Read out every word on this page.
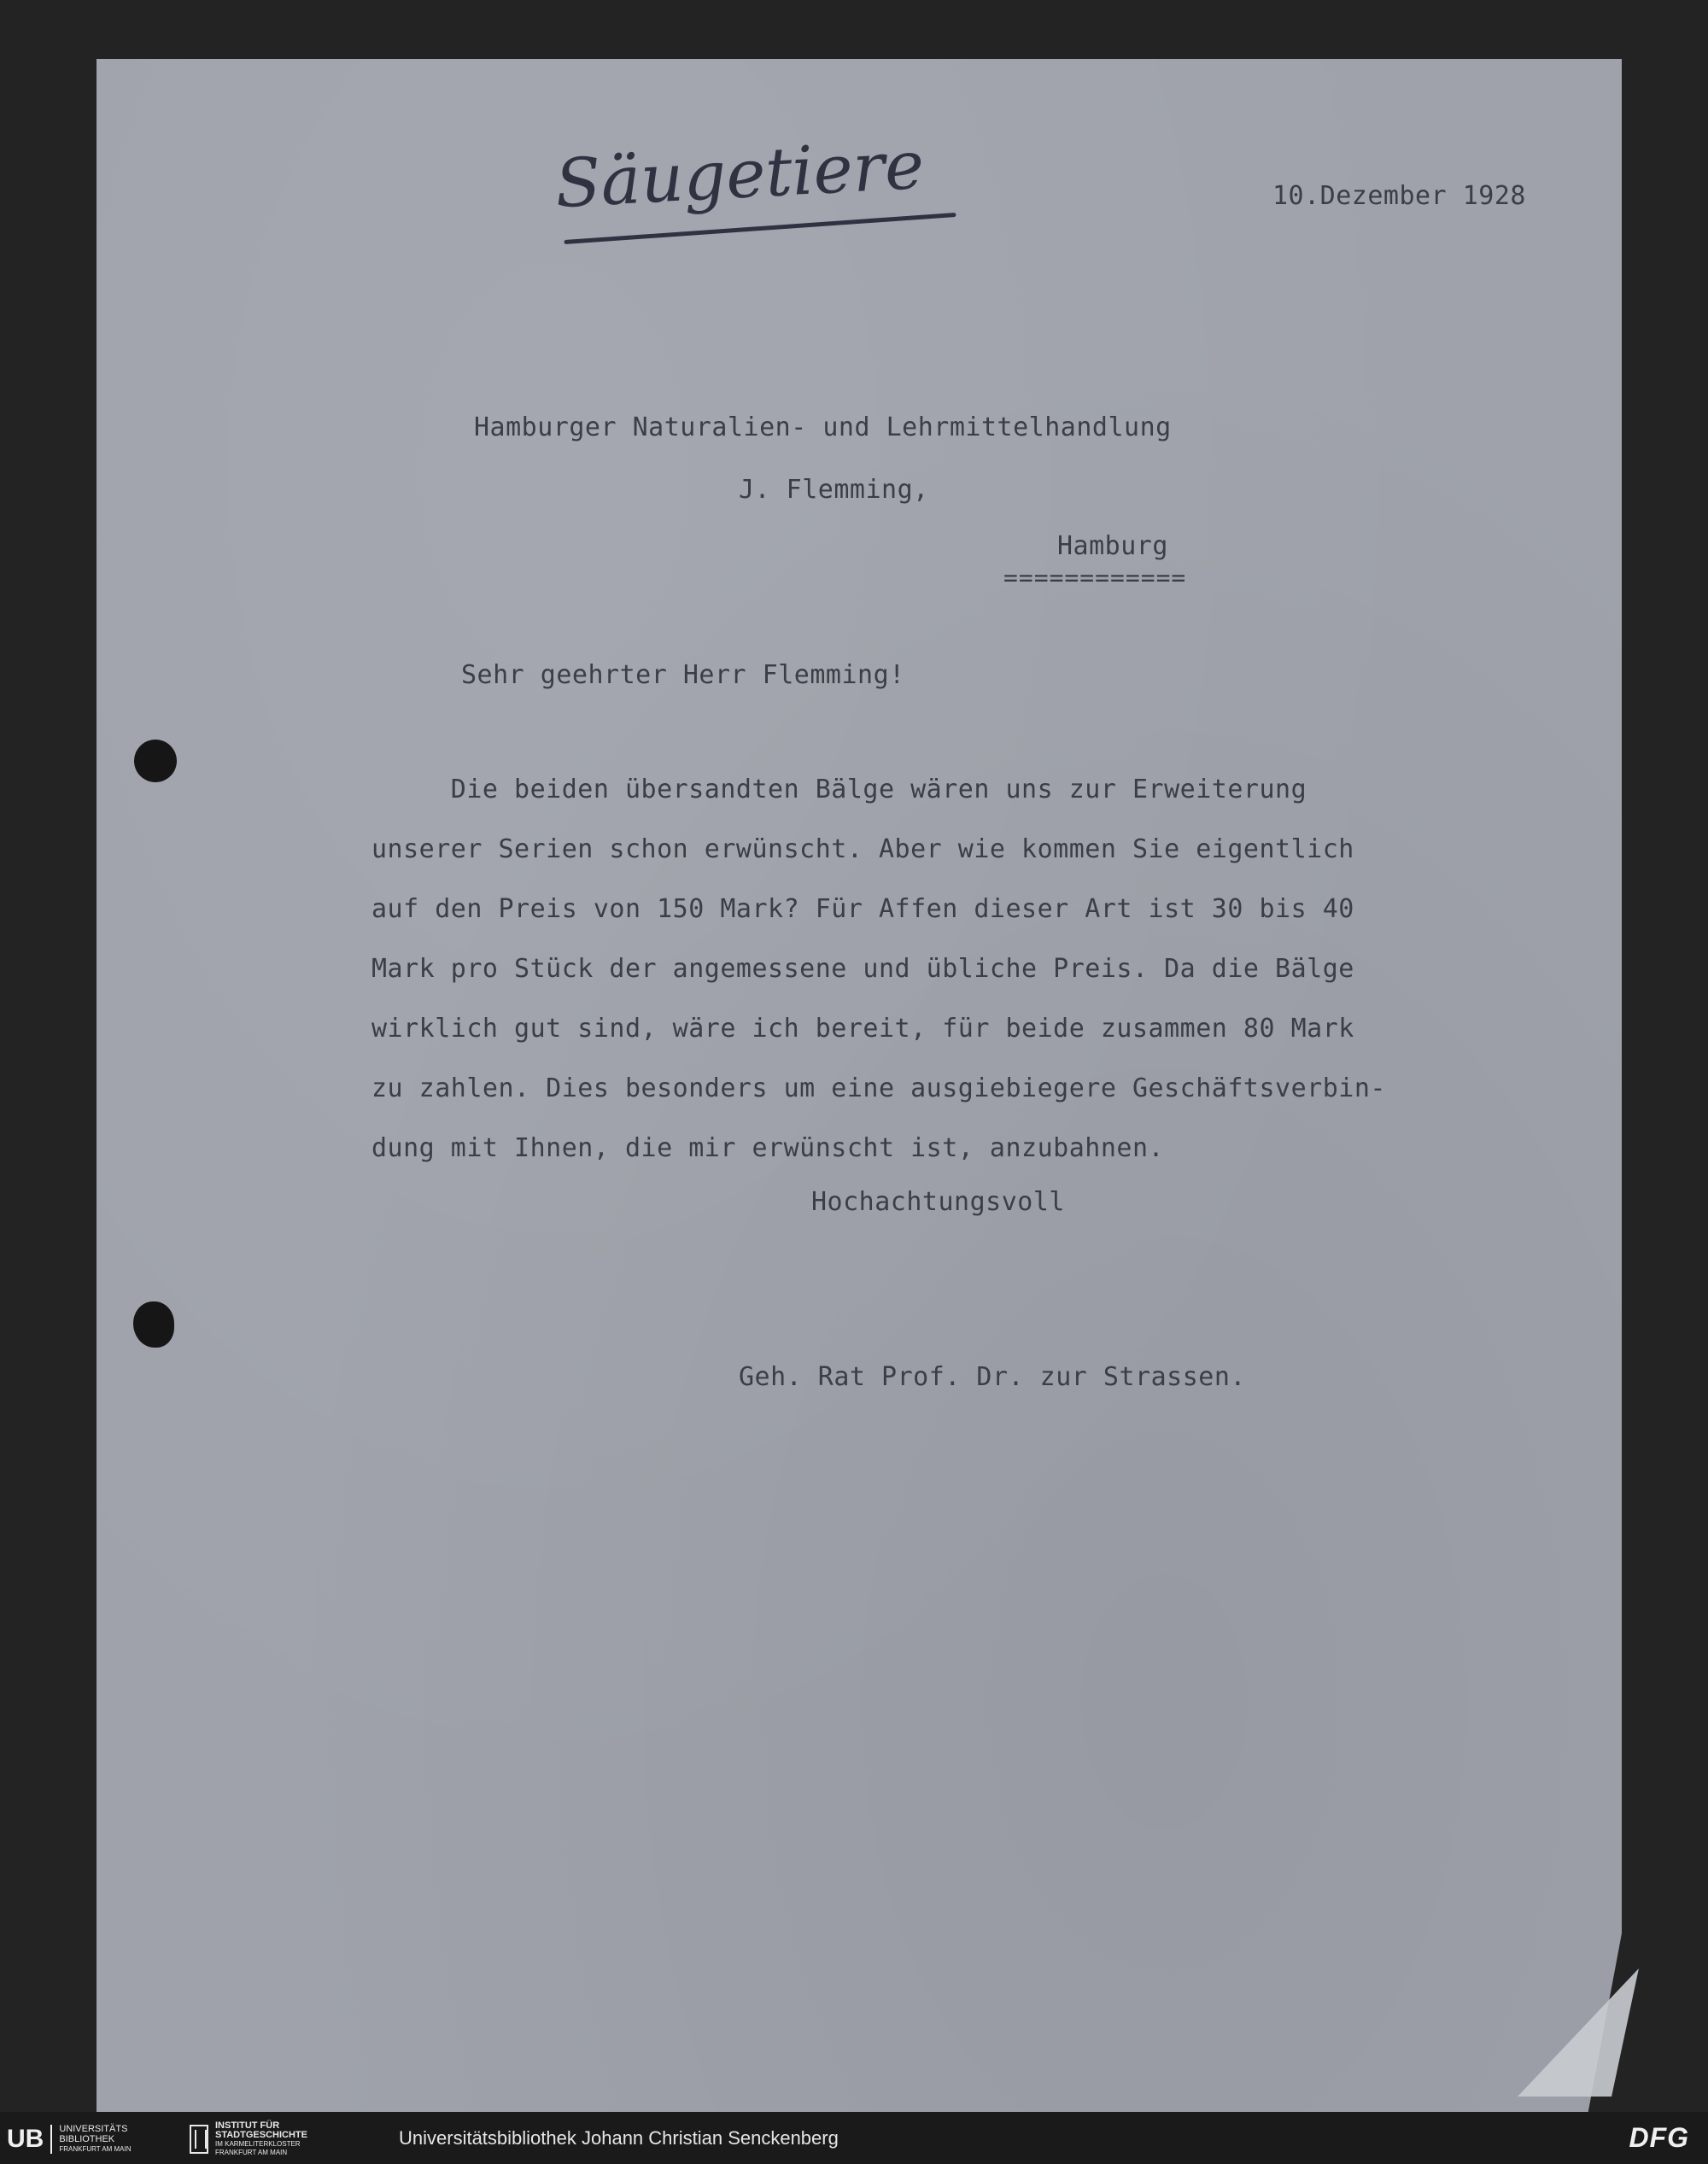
Säugetiere	10.Dezember 1928

Hamburger Naturalien- und Lehrmittelhandlung

J. Flemming,

Hamburg

============

Sehr geehrter Herr Flemming!

Die beiden übersandten Bälge wären uns zur Erweiterung
unserer Serien schon erwünscht. Aber wie kommen Sie eigentlich
auf den Preis von 150 Mark? Für Affen dieser Art ist 30 bis 40
Mark pro Stück der angemessene und übliche Preis. Da die Bälge
wirklich gut sind, wäre ich bereit, für beide zusammen 80 Mark
zu zahlen. Dies besonders um eine ausgiebiegere Geschäftsverbin-
dung mit Ihnen, die mir erwünscht ist, anzubahnen.

Hochachtungsvoll

Geh. Rat Prof. Dr. zur Strassen.

UB	UNIVERSITÄTS
BIBLIOTHEK
FRANKFURT AM MAIN
INSTITUT FÜR
STADTGESCHICHTE
IM KARMELITERKLOSTER
FRANKFURT AM MAIN
Universitätsbibliothek Johann Christian Senckenberg	DFG
